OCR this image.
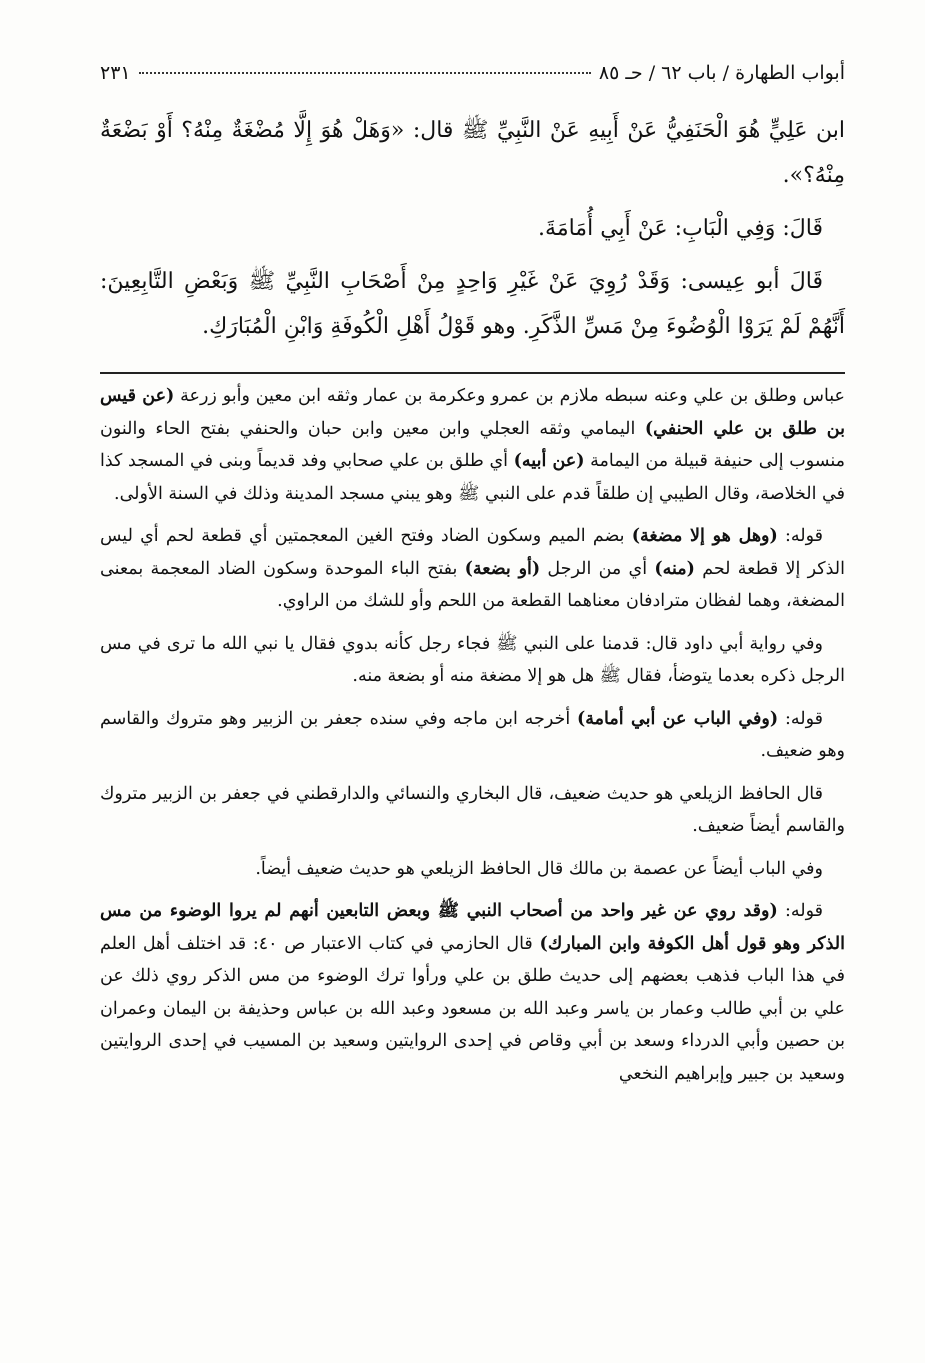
أبواب الطهارة / باب ٦٢ / حـ ٨٥
٢٣١

ابن عَلِيٍّ هُوَ الْحَنَفِيُّ عَنْ أَبِيهِ عَنْ النَّبِيِّ ﷺ قال: «وَهَلْ هُوَ إِلَّا مُضْغَةٌ مِنْهُ؟ أَوْ بَضْعَةٌ مِنْهُ؟».

قَالَ: وَفِي الْبَابِ: عَنْ أَبِي أُمَامَةَ.

قَالَ أبو عِيسى: وَقَدْ رُوِيَ عَنْ غَيْرِ وَاحِدٍ مِنْ أَصْحَابِ النَّبِيِّ ﷺ وَبَعْضِ التَّابِعِينَ: أَنَّهُمْ لَمْ يَرَوْا الْوُضُوءَ مِنْ مَسِّ الذَّكَرِ. وهو قَوْلُ أَهْلِ الْكُوفَةِ وَابْنِ الْمُبَارَكِ.

عباس وطلق بن علي وعنه سبطه ملازم بن عمرو وعكرمة بن عمار وثقه ابن معين وأبو زرعة (عن قيس بن طلق بن علي الحنفي) اليمامي وثقه العجلي وابن معين وابن حبان والحنفي بفتح الحاء والنون منسوب إلى حنيفة قبيلة من اليمامة (عن أبيه) أي طلق بن علي صحابي وفد قديماً وبنى في المسجد كذا في الخلاصة، وقال الطيبي إن طلقاً قدم على النبي ﷺ وهو يبني مسجد المدينة وذلك في السنة الأولى.

قوله: (وهل هو إلا مضغة) بضم الميم وسكون الضاد وفتح الغين المعجمتين أي قطعة لحم أي ليس الذكر إلا قطعة لحم (منه) أي من الرجل (أو بضعة) بفتح الباء الموحدة وسكون الضاد المعجمة بمعنى المضغة، وهما لفظان مترادفان معناهما القطعة من اللحم وأو للشك من الراوي.

وفي رواية أبي داود قال: قدمنا على النبي ﷺ فجاء رجل كأنه بدوي فقال يا نبي الله ما ترى في مس الرجل ذكره بعدما يتوضأ، فقال ﷺ هل هو إلا مضغة منه أو بضعة منه.

قوله: (وفي الباب عن أبي أمامة) أخرجه ابن ماجه وفي سنده جعفر بن الزبير وهو متروك والقاسم وهو ضعيف.

قال الحافظ الزيلعي هو حديث ضعيف، قال البخاري والنسائي والدارقطني في جعفر بن الزبير متروك والقاسم أيضاً ضعيف.

وفي الباب أيضاً عن عصمة بن مالك قال الحافظ الزيلعي هو حديث ضعيف أيضاً.

قوله: (وقد روي عن غير واحد من أصحاب النبي ﷺ وبعض التابعين أنهم لم يروا الوضوء من مس الذكر وهو قول أهل الكوفة وابن المبارك) قال الحازمي في كتاب الاعتبار ص ٤٠: قد اختلف أهل العلم في هذا الباب فذهب بعضهم إلى حديث طلق بن علي ورأوا ترك الوضوء من مس الذكر روي ذلك عن علي بن أبي طالب وعمار بن ياسر وعبد الله بن مسعود وعبد الله بن عباس وحذيفة بن اليمان وعمران بن حصين وأبي الدرداء وسعد بن أبي وقاص في إحدى الروايتين وسعيد بن المسيب في إحدى الروايتين وسعيد بن جبير وإبراهيم النخعي
